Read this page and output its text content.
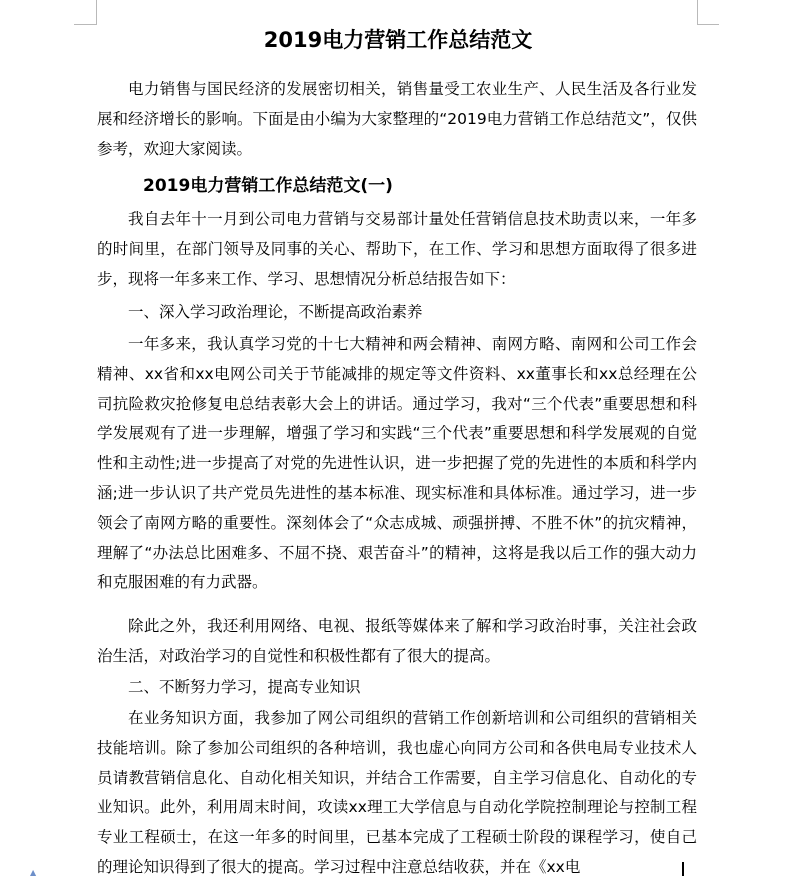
2019电力营销工作总结范文
电力销售与国民经济的发展密切相关，销售量受工农业生产、人民生活及各行业发展和经济增长的影响。下面是由小编为大家整理的“2019电力营销工作总结范文”，仅供参考，欢迎大家阅读。
2019电力营销工作总结范文(一)
我自去年十一月到公司电力营销与交易部计量处任营销信息技术助责以来，一年多的时间里，在部门领导及同事的关心、帮助下，在工作、学习和思想方面取得了很多进步，现将一年多来工作、学习、思想情况分析总结报告如下：
一、深入学习政治理论，不断提高政治素养
一年多来，我认真学习党的十七大精神和两会精神、南网方略、南网和公司工作会精神、xx省和xx电网公司关于节能减排的规定等文件资料、xx董事长和xx总经理在公司抗险救灾抢修复电总结表彰大会上的讲话。通过学习，我对“三个代表”重要思想和科学发展观有了进一步理解，增强了学习和实践“三个代表”重要思想和科学发展观的自觉性和主动性;进一步提高了对党的先进性认识，进一步把握了党的先进性的本质和科学内涵;进一步认识了共产党员先进性的基本标准、现实标准和具体标准。通过学习，进一步领会了南网方略的重要性。深刻体会了“众志成城、顽强拼搏、不胜不休”的抗灾精神，理解了“办法总比困难多、不屈不挠、艰苦奋斗”的精神，这将是我以后工作的强大动力和克服困难的有力武器。
除此之外，我还利用网络、电视、报纸等媒体来了解和学习政治时事，关注社会政治生活，对政治学习的自觉性和积极性都有了很大的提高。
二、不断努力学习，提高专业知识
在业务知识方面，我参加了网公司组织的营销工作创新培训和公司组织的营销相关技能培训。除了参加公司组织的各种培训，我也虚心向同方公司和各供电局专业技术人员请教营销信息化、自动化相关知识，并结合工作需要，自主学习信息化、自动化的专业知识。此外，利用周末时间，攻读xx理工大学信息与自动化学院控制理论与控制工程专业工程硕士，在这一年多的时间里，已基本完成了工程硕士阶段的课程学习，使自己的理论知识得到了很大的提高。学习过程中注意总结收获，并在《xx电
▲
